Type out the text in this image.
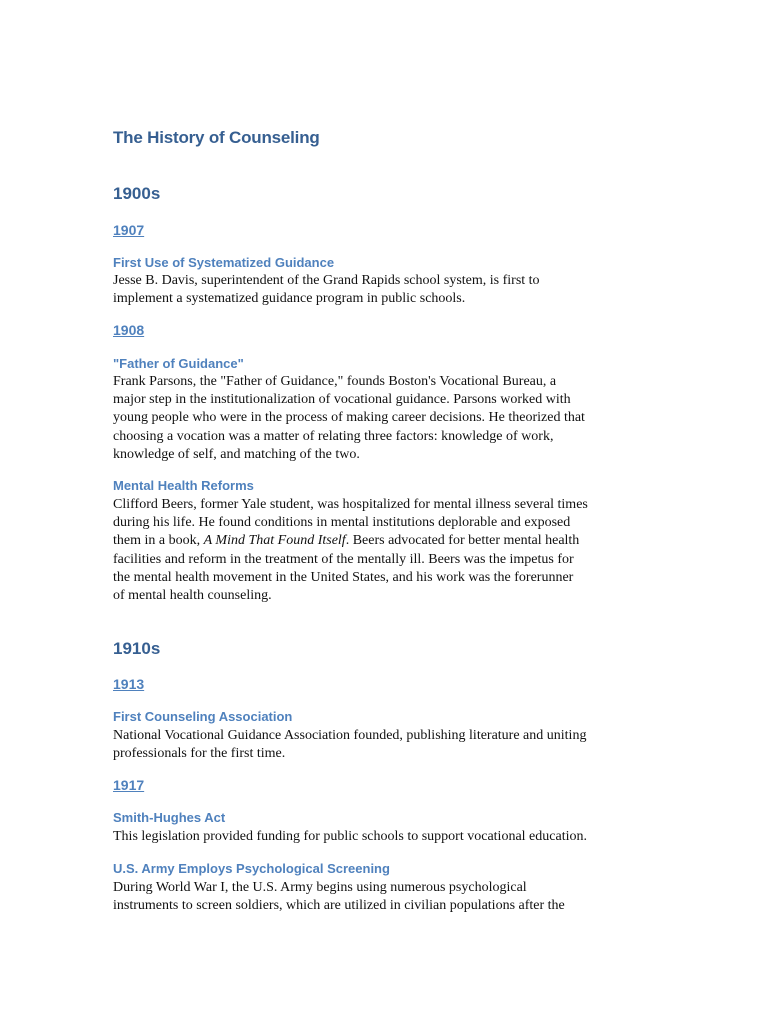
The History of Counseling
1900s
1907
First Use of Systematized Guidance
Jesse B. Davis, superintendent of the Grand Rapids school system, is first to
implement a systematized guidance program in public schools.
1908
"Father of Guidance"
Frank Parsons, the "Father of Guidance," founds Boston's Vocational Bureau, a
major step in the institutionalization of vocational guidance. Parsons worked with
young people who were in the process of making career decisions. He theorized that
choosing a vocation was a matter of relating three factors: knowledge of work,
knowledge of self, and matching of the two.
Mental Health Reforms
Clifford Beers, former Yale student, was hospitalized for mental illness several times
during his life. He found conditions in mental institutions deplorable and exposed
them in a book, A Mind That Found Itself. Beers advocated for better mental health
facilities and reform in the treatment of the mentally ill. Beers was the impetus for
the mental health movement in the United States, and his work was the forerunner
of mental health counseling.
1910s
1913
First Counseling Association
National Vocational Guidance Association founded, publishing literature and uniting
professionals for the first time.
1917
Smith-Hughes Act
This legislation provided funding for public schools to support vocational education.
U.S. Army Employs Psychological Screening
During World War I, the U.S. Army begins using numerous psychological
instruments to screen soldiers, which are utilized in civilian populations after the
